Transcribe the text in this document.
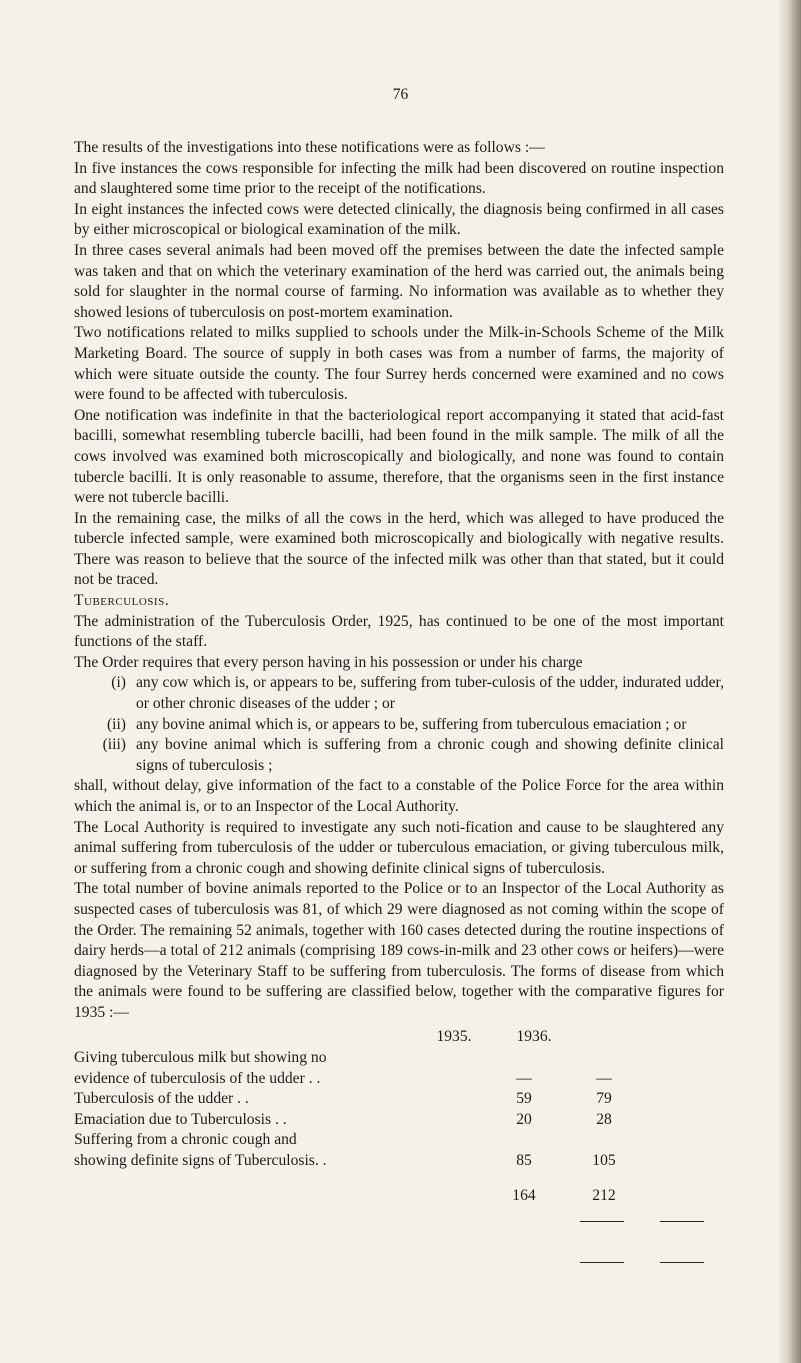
76

The results of the investigations into these notifications were as follows :—

In five instances the cows responsible for infecting the milk had been discovered on routine inspection and slaughtered some time prior to the receipt of the notifications.

In eight instances the infected cows were detected clinically, the diagnosis being confirmed in all cases by either microscopical or biological examination of the milk.

In three cases several animals had been moved off the premises between the date the infected sample was taken and that on which the veterinary examination of the herd was carried out, the animals being sold for slaughter in the normal course of farming. No information was available as to whether they showed lesions of tuberculosis on post-mortem examination.

Two notifications related to milks supplied to schools under the Milk-in-Schools Scheme of the Milk Marketing Board. The source of supply in both cases was from a number of farms, the majority of which were situate outside the county. The four Surrey herds concerned were examined and no cows were found to be affected with tuberculosis.

One notification was indefinite in that the bacteriological report accompanying it stated that acid-fast bacilli, somewhat resembling tubercle bacilli, had been found in the milk sample. The milk of all the cows involved was examined both microscopically and biologically, and none was found to contain tubercle bacilli. It is only reasonable to assume, therefore, that the organisms seen in the first instance were not tubercle bacilli.

In the remaining case, the milks of all the cows in the herd, which was alleged to have produced the tubercle infected sample, were examined both microscopically and biologically with negative results. There was reason to believe that the source of the infected milk was other than that stated, but it could not be traced.

Tuberculosis.

The administration of the Tuberculosis Order, 1925, has continued to be one of the most important functions of the staff.

The Order requires that every person having in his possession or under his charge

(i) any cow which is, or appears to be, suffering from tuber-culosis of the udder, indurated udder, or other chronic diseases of the udder ; or
(ii) any bovine animal which is, or appears to be, suffering from tuberculous emaciation ; or
(iii) any bovine animal which is suffering from a chronic cough and showing definite clinical signs of tuberculosis ;

shall, without delay, give information of the fact to a constable of the Police Force for the area within which the animal is, or to an Inspector of the Local Authority.

The Local Authority is required to investigate any such noti-fication and cause to be slaughtered any animal suffering from tuberculosis of the udder or tuberculous emaciation, or giving tuberculous milk, or suffering from a chronic cough and showing definite clinical signs of tuberculosis.

The total number of bovine animals reported to the Police or to an Inspector of the Local Authority as suspected cases of tuberculosis was 81, of which 29 were diagnosed as not coming within the scope of the Order. The remaining 52 animals, together with 160 cases detected during the routine inspections of dairy herds—a total of 212 animals (comprising 189 cows-in-milk and 23 other cows or heifers)—were diagnosed by the Veterinary Staff to be suffering from tuberculosis. The forms of disease from which the animals were found to be suffering are classified below, together with the comparative figures for 1935 :—

1935.	1936.
Giving tuberculous milk but showing no
evidence of tuberculosis of the udder . .	—	—
Tuberculosis of the udder . .	59	79
Emaciation due to Tuberculosis . .	20	28
Suffering from a chronic cough and
showing definite signs of Tuberculosis. .	85	105
164	212
